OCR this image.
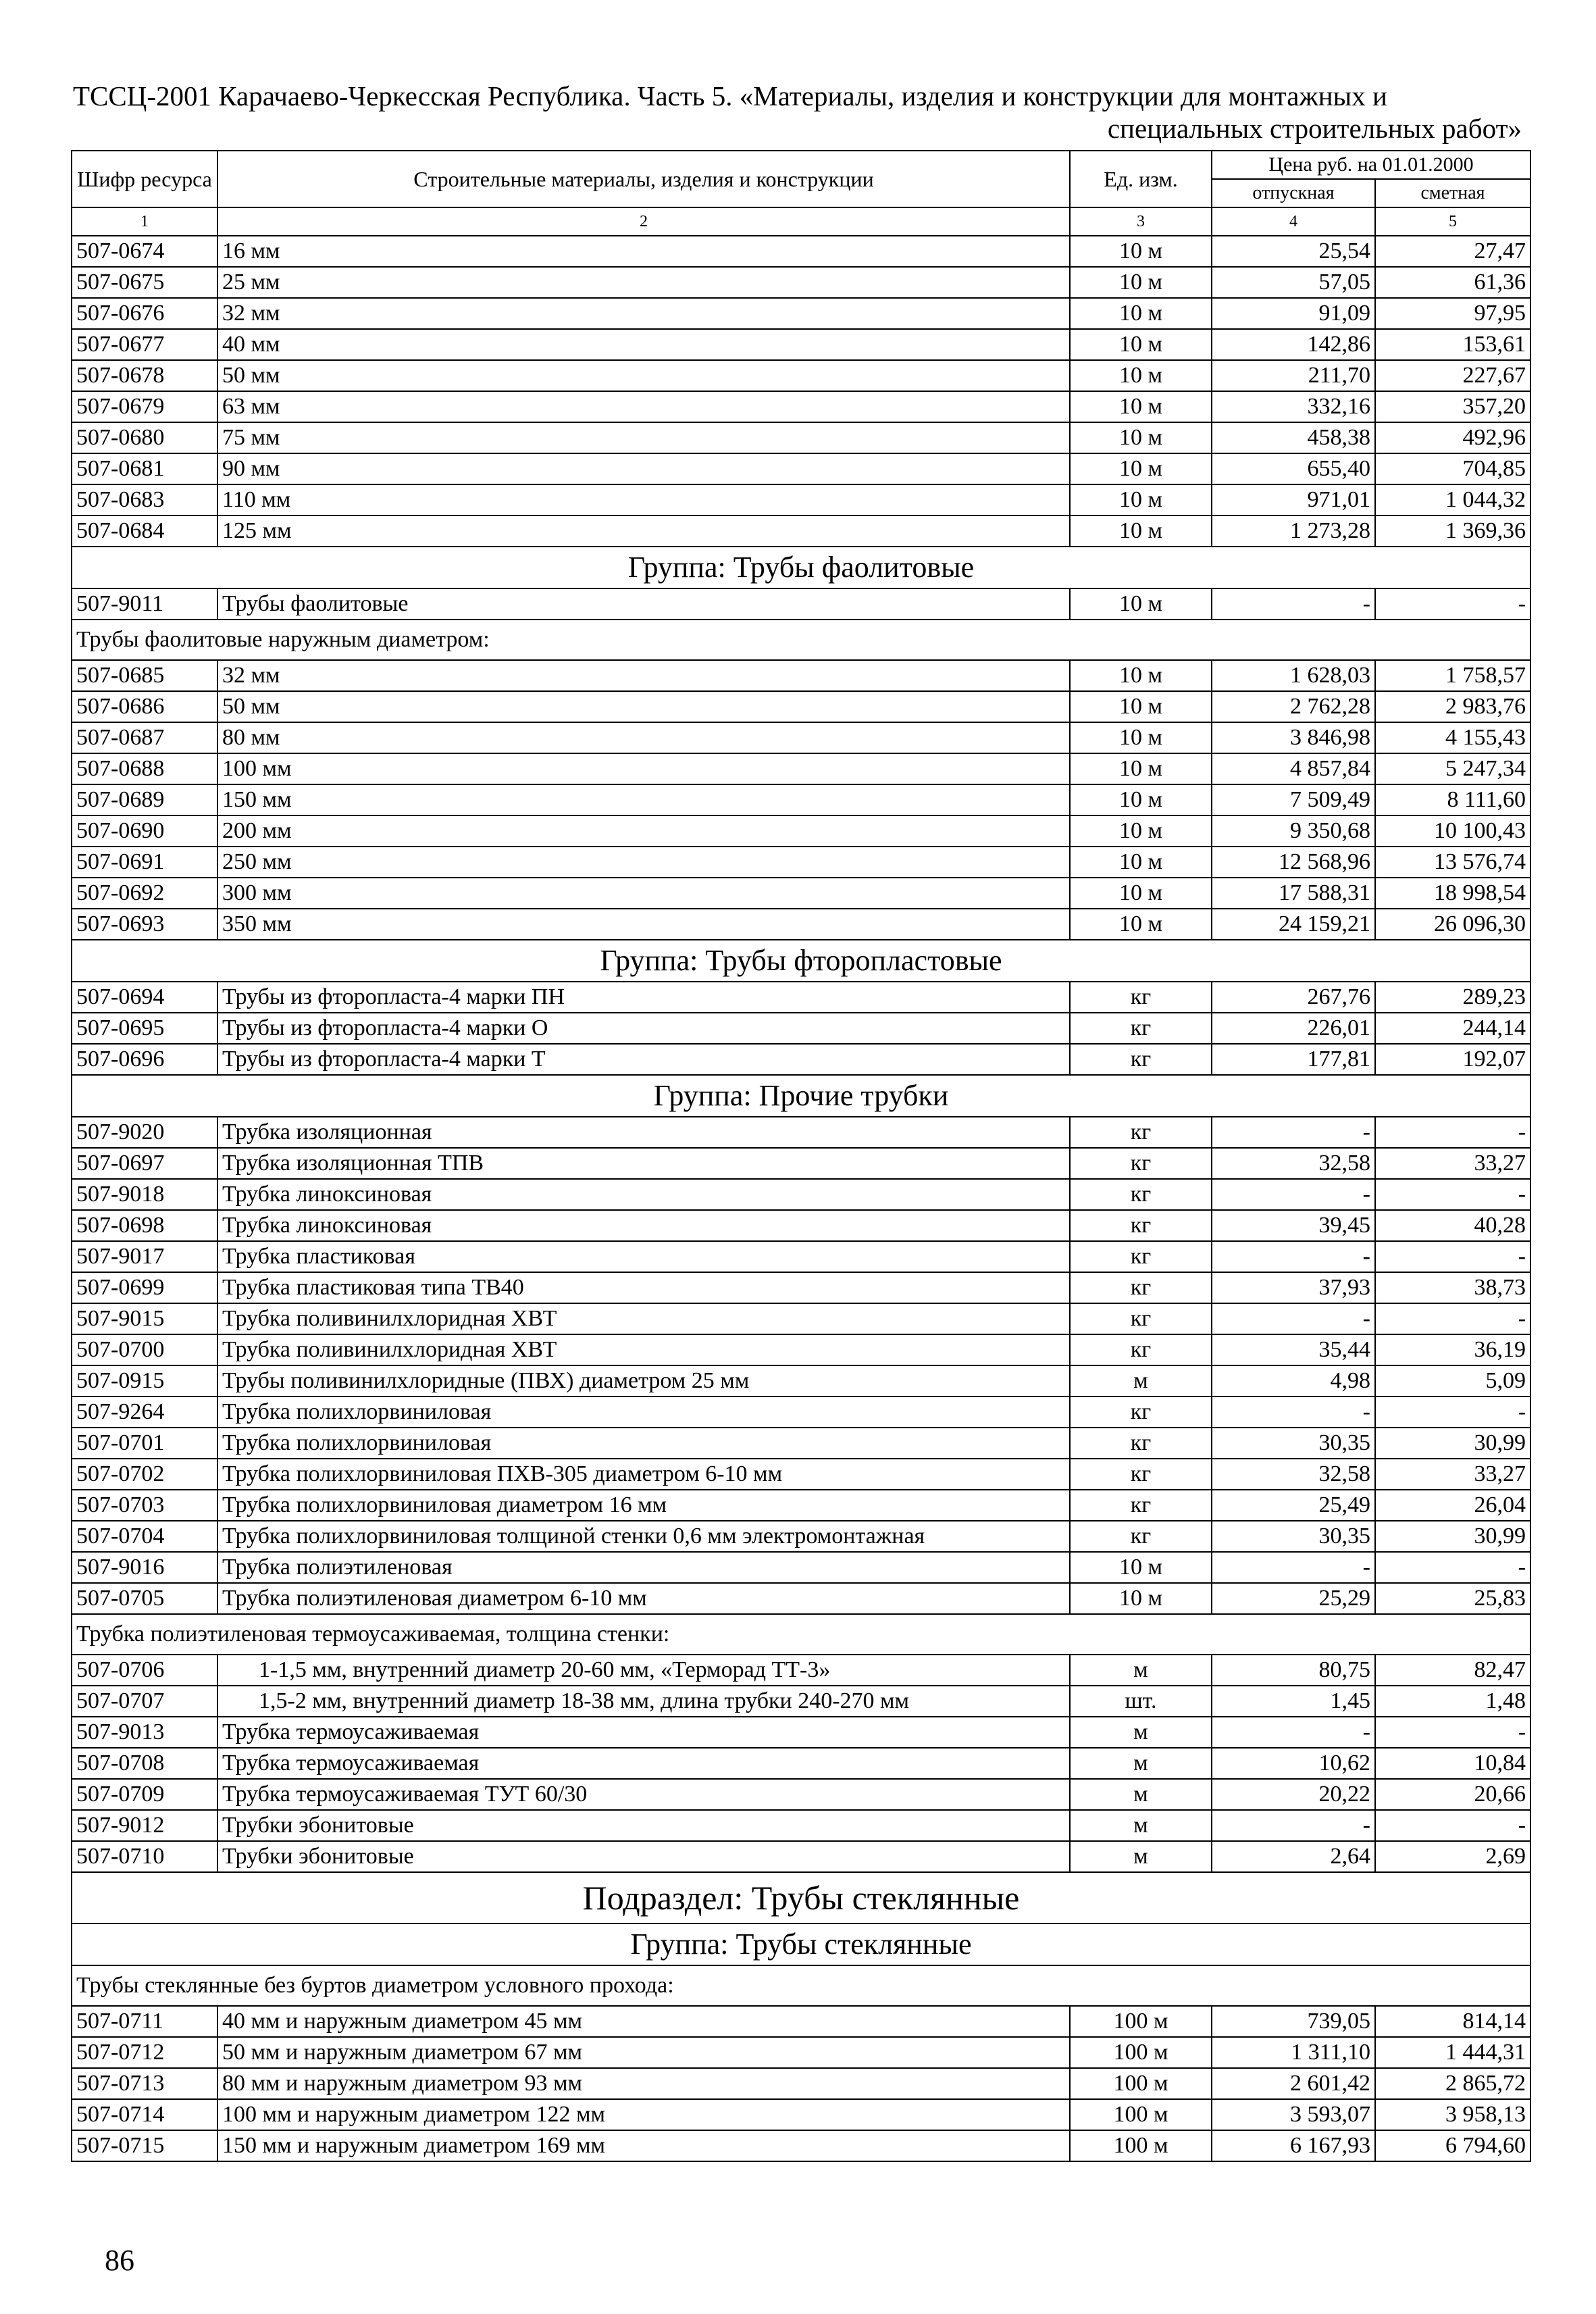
ТССЦ-2001 Карачаево-Черкесская Республика. Часть 5. «Материалы, изделия и конструкции для монтажных и
специальных строительных работ»
Шифр ресурса	Строительные материалы, изделия и конструкции	Ед. изм.	Цена руб. на 01.01.2000	
			отпускная	сметная
1	2	3	4	5
507-0674	16 мм	10 м	25,54	27,47
507-0675	25 мм	10 м	57,05	61,36
507-0676	32 мм	10 м	91,09	97,95
507-0677	40 мм	10 м	142,86	153,61
507-0678	50 мм	10 м	211,70	227,67
507-0679	63 мм	10 м	332,16	357,20
507-0680	75 мм	10 м	458,38	492,96
507-0681	90 мм	10 м	655,40	704,85
507-0683	110 мм	10 м	971,01	1 044,32
507-0684	125 мм	10 м	1 273,28	1 369,36
Группа: Трубы фаолитовые				
507-9011	Трубы фаолитовые	10 м	-	-
Трубы фаолитовые наружным диаметром:				
507-0685	32 мм	10 м	1 628,03	1 758,57
507-0686	50 мм	10 м	2 762,28	2 983,76
507-0687	80 мм	10 м	3 846,98	4 155,43
507-0688	100 мм	10 м	4 857,84	5 247,34
507-0689	150 мм	10 м	7 509,49	8 111,60
507-0690	200 мм	10 м	9 350,68	10 100,43
507-0691	250 мм	10 м	12 568,96	13 576,74
507-0692	300 мм	10 м	17 588,31	18 998,54
507-0693	350 мм	10 м	24 159,21	26 096,30
Группа: Трубы фторопластовые				
507-0694	Трубы из фторопласта-4 марки ПН	кг	267,76	289,23
507-0695	Трубы из фторопласта-4 марки О	кг	226,01	244,14
507-0696	Трубы из фторопласта-4 марки Т	кг	177,81	192,07
Группа: Прочие трубки				
507-9020	Трубка изоляционная	кг	-	-
507-0697	Трубка изоляционная ТПВ	кг	32,58	33,27
507-9018	Трубка линоксиновая	кг	-	-
507-0698	Трубка линоксиновая	кг	39,45	40,28
507-9017	Трубка пластиковая	кг	-	-
507-0699	Трубка пластиковая типа ТВ40	кг	37,93	38,73
507-9015	Трубка поливинилхлоридная ХВТ	кг	-	-
507-0700	Трубка поливинилхлоридная ХВТ	кг	35,44	36,19
507-0915	Трубы поливинилхлоридные (ПВХ) диаметром 25 мм	м	4,98	5,09
507-9264	Трубка полихлорвиниловая	кг	-	-
507-0701	Трубка полихлорвиниловая	кг	30,35	30,99
507-0702	Трубка полихлорвиниловая ПХВ-305 диаметром 6-10 мм	кг	32,58	33,27
507-0703	Трубка полихлорвиниловая диаметром 16 мм	кг	25,49	26,04
507-0704	Трубка полихлорвиниловая толщиной стенки 0,6 мм электромонтажная	кг	30,35	30,99
507-9016	Трубка полиэтиленовая	10 м	-	-
507-0705	Трубка полиэтиленовая диаметром 6-10 мм	10 м	25,29	25,83
Трубка полиэтиленовая термоусаживаемая, толщина стенки:				
507-0706	1-1,5 мм, внутренний диаметр 20-60 мм, «Терморад ТТ-3»	м	80,75	82,47
507-0707	1,5-2 мм, внутренний диаметр 18-38 мм, длина трубки 240-270 мм	шт.	1,45	1,48
507-9013	Трубка термоусаживаемая	м	-	-
507-0708	Трубка термоусаживаемая	м	10,62	10,84
507-0709	Трубка термоусаживаемая ТУТ 60/30	м	20,22	20,66
507-9012	Трубки эбонитовые	м	-	-
507-0710	Трубки эбонитовые	м	2,64	2,69
Подраздел: Трубы стеклянные				
Группа: Трубы стеклянные				
Трубы стеклянные без буртов диаметром условного прохода:				
507-0711	40 мм и наружным диаметром 45 мм	100 м	739,05	814,14
507-0712	50 мм и наружным диаметром 67 мм	100 м	1 311,10	1 444,31
507-0713	80 мм и наружным диаметром 93 мм	100 м	2 601,42	2 865,72
507-0714	100 мм и наружным диаметром 122 мм	100 м	3 593,07	3 958,13
507-0715	150 мм и наружным диаметром 169 мм	100 м	6 167,93	6 794,60
86
